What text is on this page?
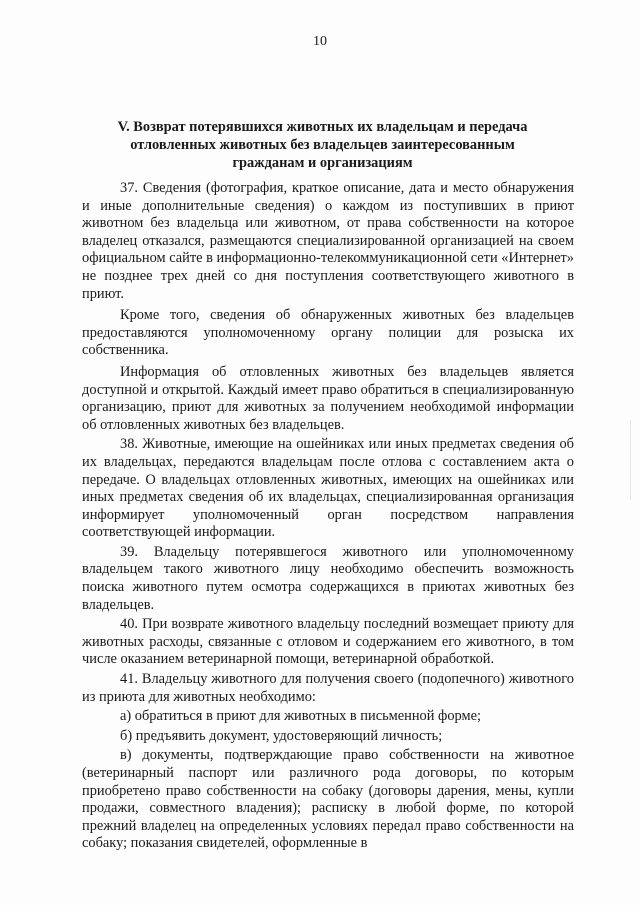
10
V. Возврат потерявшихся животных их владельцам и передача
отловленных животных без владельцев заинтересованным
гражданам и организациям

37. Сведения (фотография, краткое описание, дата и место обнаружения и иные дополнительные сведения) о каждом из поступивших в приют животном без владельца или животном, от права собственности на которое владелец отказался, размещаются специализированной организацией на своем официальном сайте в информационно-телекоммуникационной сети «Интернет» не позднее трех дней со дня поступления соответствующего животного в приют.

Кроме того, сведения об обнаруженных животных без владельцев предоставляются уполномоченному органу полиции для розыска их собственника.

Информация об отловленных животных без владельцев является доступной и открытой. Каждый имеет право обратиться в специализированную организацию, приют для животных за получением необходимой информации об отловленных животных без владельцев.

38. Животные, имеющие на ошейниках или иных предметах сведения об их владельцах, передаются владельцам после отлова с составлением акта о передаче. О владельцах отловленных животных, имеющих на ошейниках или иных предметах сведения об их владельцах, специализированная организация информирует уполномоченный орган посредством направления соответствующей информации.

39. Владельцу потерявшегося животного или уполномоченному владельцем такого животного лицу необходимо обеспечить возможность поиска животного путем осмотра содержащихся в приютах животных без владельцев.

40. При возврате животного владельцу последний возмещает приюту для животных расходы, связанные с отловом и содержанием его животного, в том числе оказанием ветеринарной помощи, ветеринарной обработкой.

41. Владельцу животного для получения своего (подопечного) животного из приюта для животных необходимо:

а) обратиться в приют для животных в письменной форме;

б) предъявить документ, удостоверяющий личность;

в) документы, подтверждающие право собственности на животное (ветеринарный паспорт или различного рода договоры, по которым приобретено право собственности на собаку (договоры дарения, мены, купли продажи, совместного владения); расписку в любой форме, по которой прежний владелец на определенных условиях передал право собственности на собаку; показания свидетелей, оформленные в
